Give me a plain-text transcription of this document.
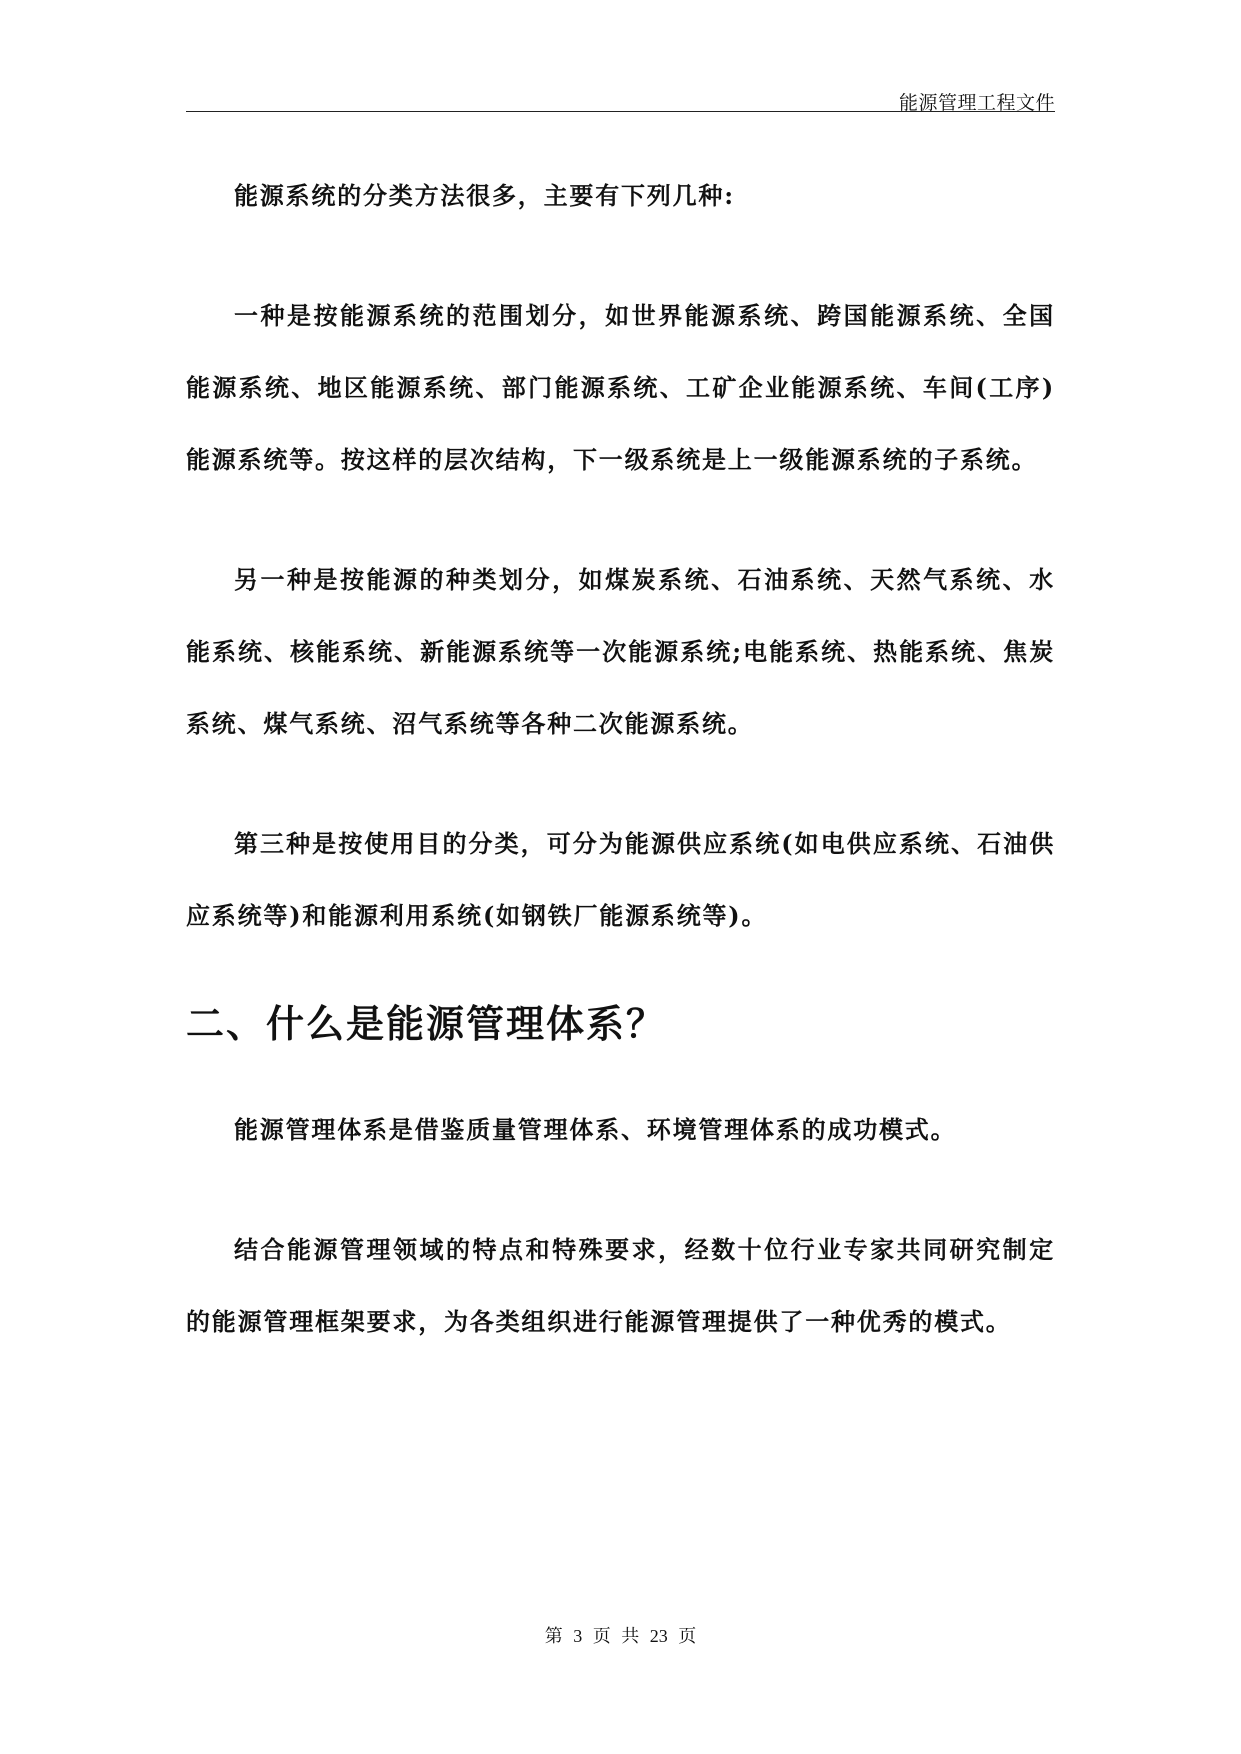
能源管理工程文件

能源系统的分类方法很多，主要有下列几种:

一种是按能源系统的范围划分，如世界能源系统、跨国能源系统、全国能源系统、地区能源系统、部门能源系统、工矿企业能源系统、车间(工序)能源系统等。按这样的层次结构，下一级系统是上一级能源系统的子系统。

另一种是按能源的种类划分，如煤炭系统、石油系统、天然气系统、水能系统、核能系统、新能源系统等一次能源系统;电能系统、热能系统、焦炭系统、煤气系统、沼气系统等各种二次能源系统。

第三种是按使用目的分类，可分为能源供应系统(如电供应系统、石油供应系统等)和能源利用系统(如钢铁厂能源系统等)。

二、什么是能源管理体系？

能源管理体系是借鉴质量管理体系、环境管理体系的成功模式。

结合能源管理领域的特点和特殊要求，经数十位行业专家共同研究制定的能源管理框架要求，为各类组织进行能源管理提供了一种优秀的模式。

第 3 页 共 23 页
